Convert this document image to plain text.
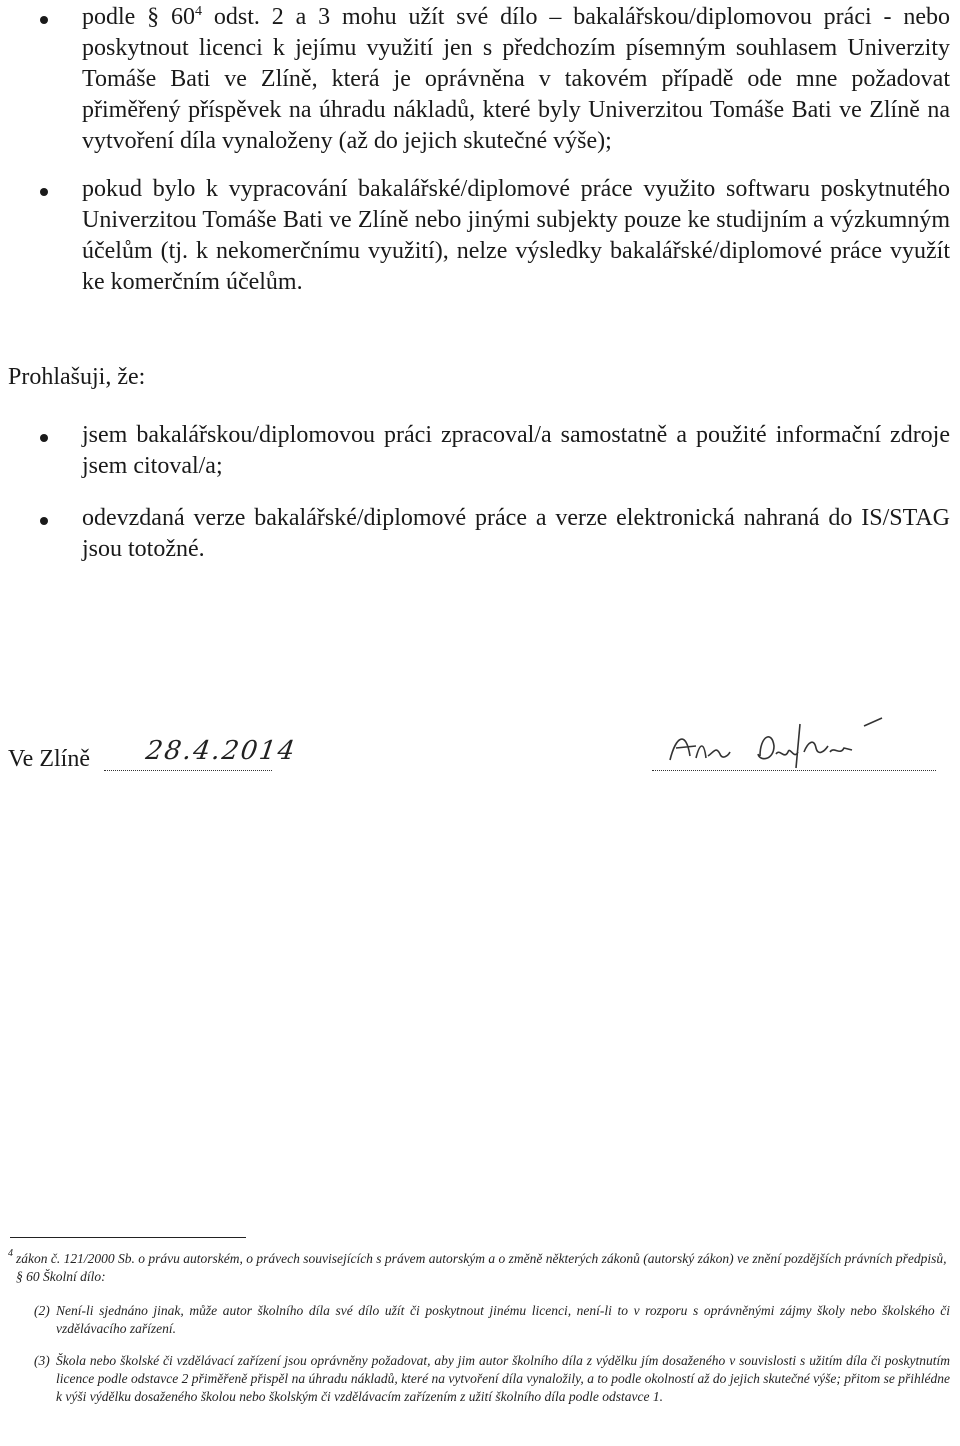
podle § $60^4$ odst. 2 a 3 mohu užít své dílo – bakalářskou/diplomovou práci - nebo poskytnout licenci k jejímu využití jen s předchozím písemným souhlasem Univerzity Tomáše Bati ve Zlíně, která je oprávněna v takovém případě ode mne požadovat přiměřený příspěvek na úhradu nákladů, které byly Univerzitou Tomáše Bati ve Zlíně na vytvoření díla vynaloženy (až do jejich skutečné výše);
pokud bylo k vypracování bakalářské/diplomové práce využito softwaru poskytnutého Univerzitou Tomáše Bati ve Zlíně nebo jinými subjekty pouze ke studijním a výzkumným účelům (tj. k nekomerčnímu využití), nelze výsledky bakalářské/diplomové práce využít ke komerčním účelům.
Prohlašuji, že:
jsem bakalářskou/diplomovou práci zpracoval/a samostatně a použité informační zdroje jsem citoval/a;
odevzdaná verze bakalářské/diplomové práce a verze elektronická nahraná do IS/STAG jsou totožné.
Ve Zlíně 28.4.2014
Alena Dujková
4 zákon č. 121/2000 Sb. o právu autorském, o právech souvisejících s právem autorským a o změně některých zákonů (autorský zákon) ve znění pozdějších právních předpisů, § 60 Školní dílo:
(2) Není-li sjednáno jinak, může autor školního díla své dílo užít či poskytnout jinému licenci, není-li to v rozporu s oprávněnými zájmy školy nebo školského či vzdělávacího zařízení.
(3) Škola nebo školské či vzdělávací zařízení jsou oprávněny požadovat, aby jim autor školního díla z výdělku jím dosaženého v souvislosti s užitím díla či poskytnutím licence podle odstavce 2 přiměřeně přispěl na úhradu nákladů, které na vytvoření díla vynaložily, a to podle okolností až do jejich skutečné výše; přitom se přihlédne k výši výdělku dosaženého školou nebo školským či vzdělávacím zařízením z užití školního díla podle odstavce 1.
